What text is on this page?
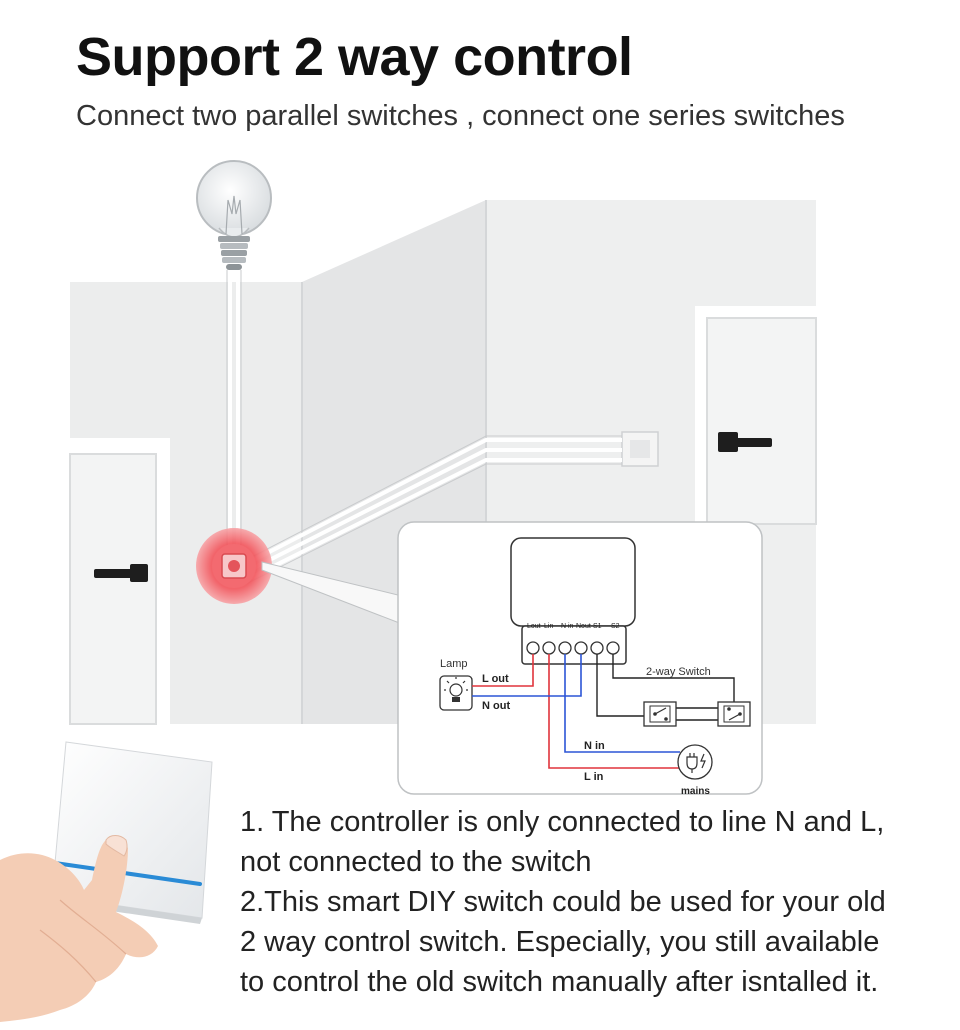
Support 2 way control
Connect two parallel switches , connect one series switches
Lout Lin N in Nout S1 S2
Lamp
L out
L in
N out
N in
2-way Switch
mains

1. The controller is only connected to line N and L,

not connected to the switch

2.This smart DIY switch could be used for your old

2 way control switch. Especially, you still available

to control the old switch manually after isntalled it.
